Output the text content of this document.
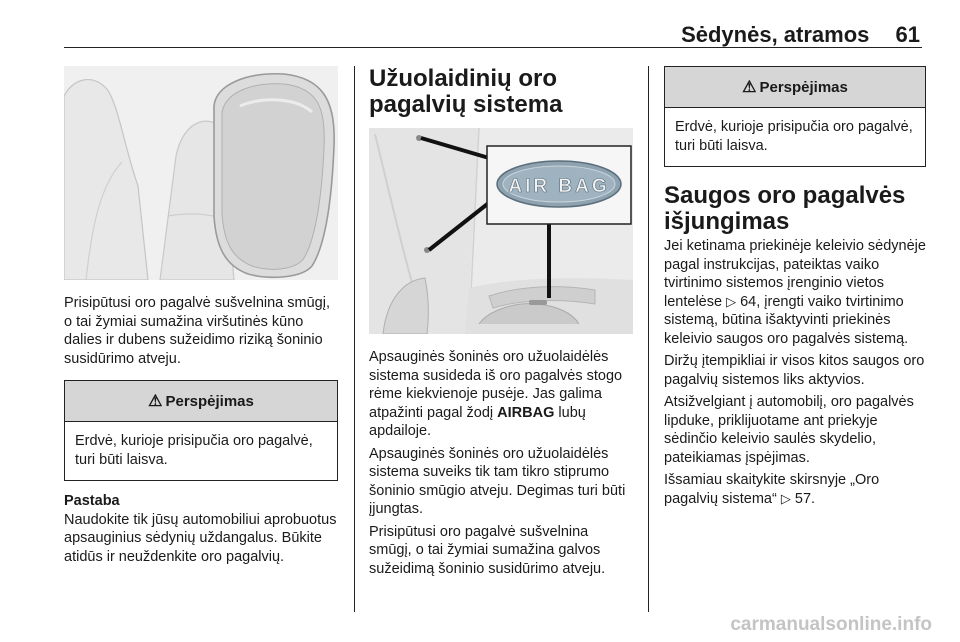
Sėdynės, atramos 61

Prisipūtusi oro pagalvė sušvelnina smūgį, o tai žymiai sumažina viršutinės kūno dalies ir dubens sužeidimo riziką šoninio susidūrimo atveju.

⚠ Perspėjimas
Erdvė, kurioje prisipučia oro pagalvė, turi būti laisva.
Pastaba

Naudokite tik jūsų automobiliui aprobuotus apsauginius sėdynių uždangalus. Būkite atidūs ir neuždenkite oro pagalvių.

Užuolaidinių oro pagalvių sistema
AIR BAG

Apsauginės šoninės oro užuolaidėlės sistema susideda iš oro pagalvės stogo rėme kiekvienoje pusėje. Jas galima atpažinti pagal žodį AIRBAG lubų apdailoje.

Apsauginės šoninės oro užuolaidėlės sistema suveiks tik tam tikro stiprumo šoninio smūgio atveju. Degimas turi būti įjungtas.

Prisipūtusi oro pagalvė sušvelnina smūgį, o tai žymiai sumažina galvos sužeidimą šoninio susidūrimo atveju.

⚠ Perspėjimas
Erdvė, kurioje prisipučia oro pagalvė, turi būti laisva.
Saugos oro pagalvės išjungimas

Jei ketinama priekinėje keleivio sėdynėje pagal instrukcijas, pateiktas vaiko tvirtinimo sistemos įrenginio vietos lentelėse ▷ 64, įrengti vaiko tvirtinimo sistemą, būtina išaktyvinti priekinės keleivio saugos oro pagalvės sistemą.

Diržų įtempikliai ir visos kitos saugos oro pagalvių sistemos liks aktyvios.

Atsižvelgiant į automobilį, oro pagalvės lipduke, priklijuotame ant priekyje sėdinčio keleivio saulės skydelio, pateikiamas įspėjimas.

Išsamiau skaitykite skirsnyje „Oro pagalvių sistema“ ▷ 57.

carmanualsonline.info
